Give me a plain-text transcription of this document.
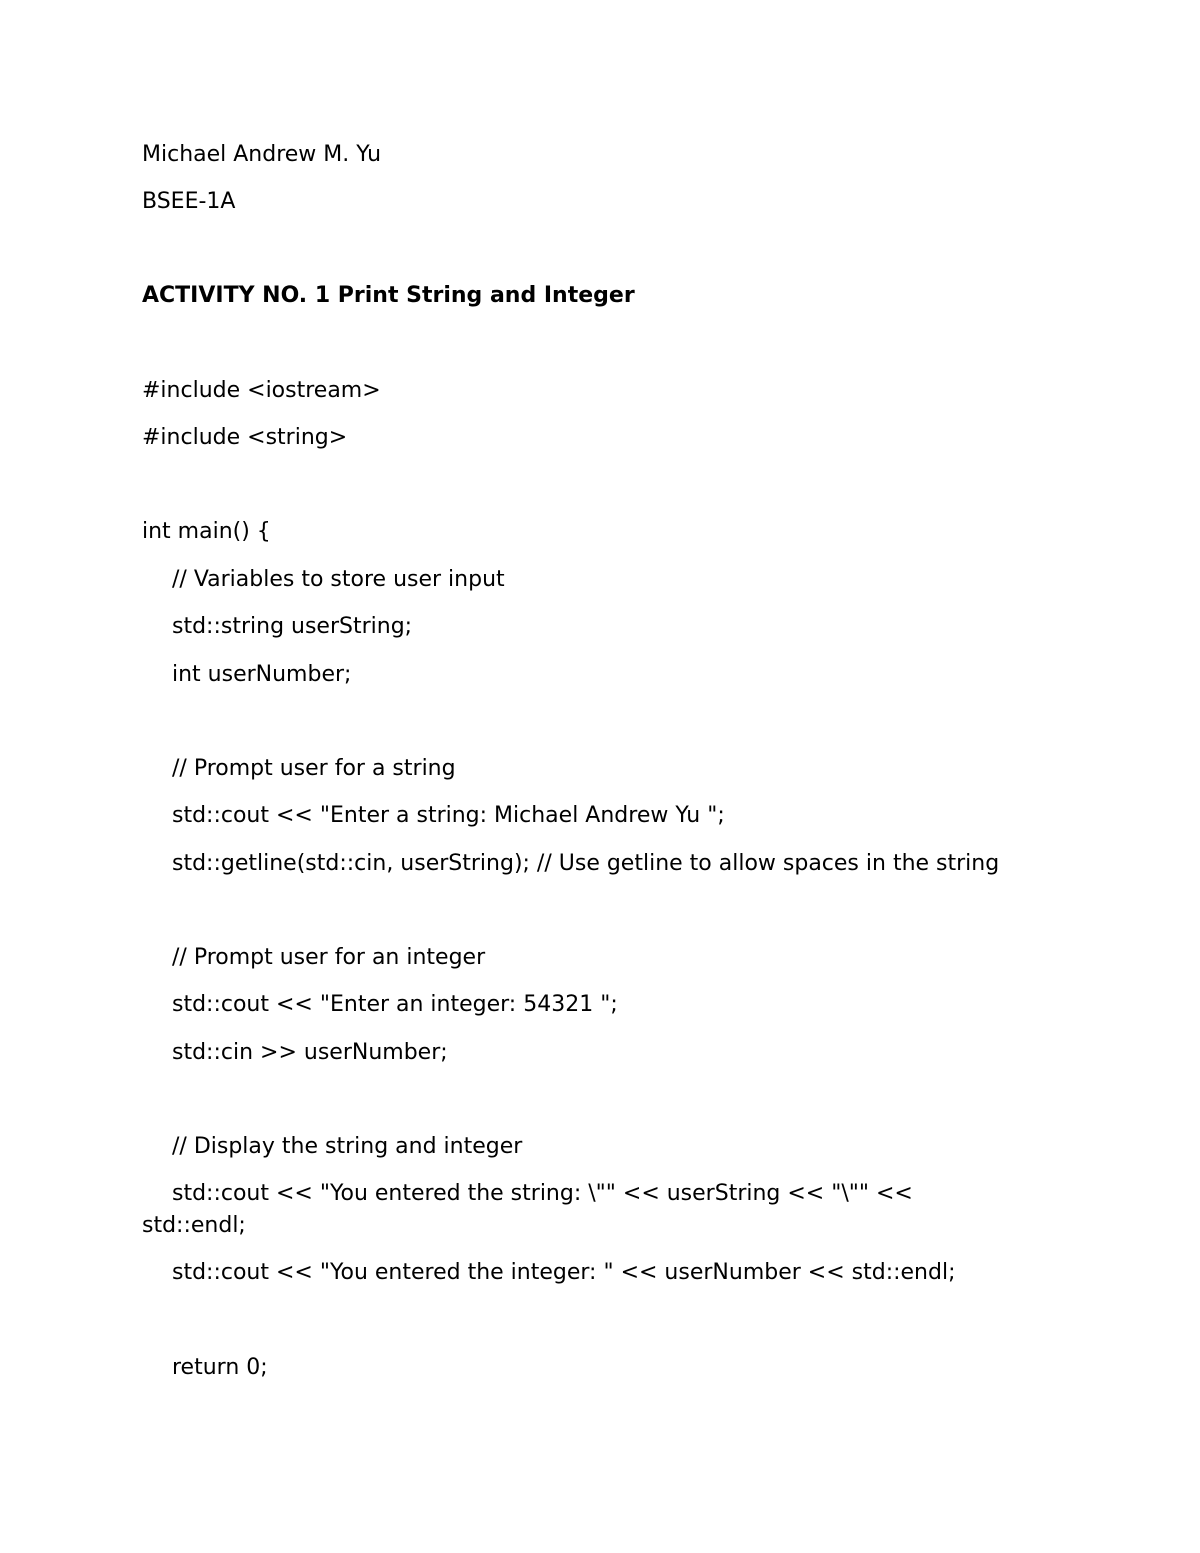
Michael Andrew M. Yu
BSEE-1A
ACTIVITY NO. 1 Print String and Integer
#include <iostream>
#include <string>
int main() {
// Variables to store user input
std::string userString;
int userNumber;
// Prompt user for a string
std::cout << "Enter a string: Michael Andrew Yu ";
std::getline(std::cin, userString); // Use getline to allow spaces in the string
// Prompt user for an integer
std::cout << "Enter an integer: 54321 ";
std::cin >> userNumber;
// Display the string and integer
std::cout << "You entered the string: \"" << userString << "\"" <<
std::endl;
std::cout << "You entered the integer: " << userNumber << std::endl;
return 0;
